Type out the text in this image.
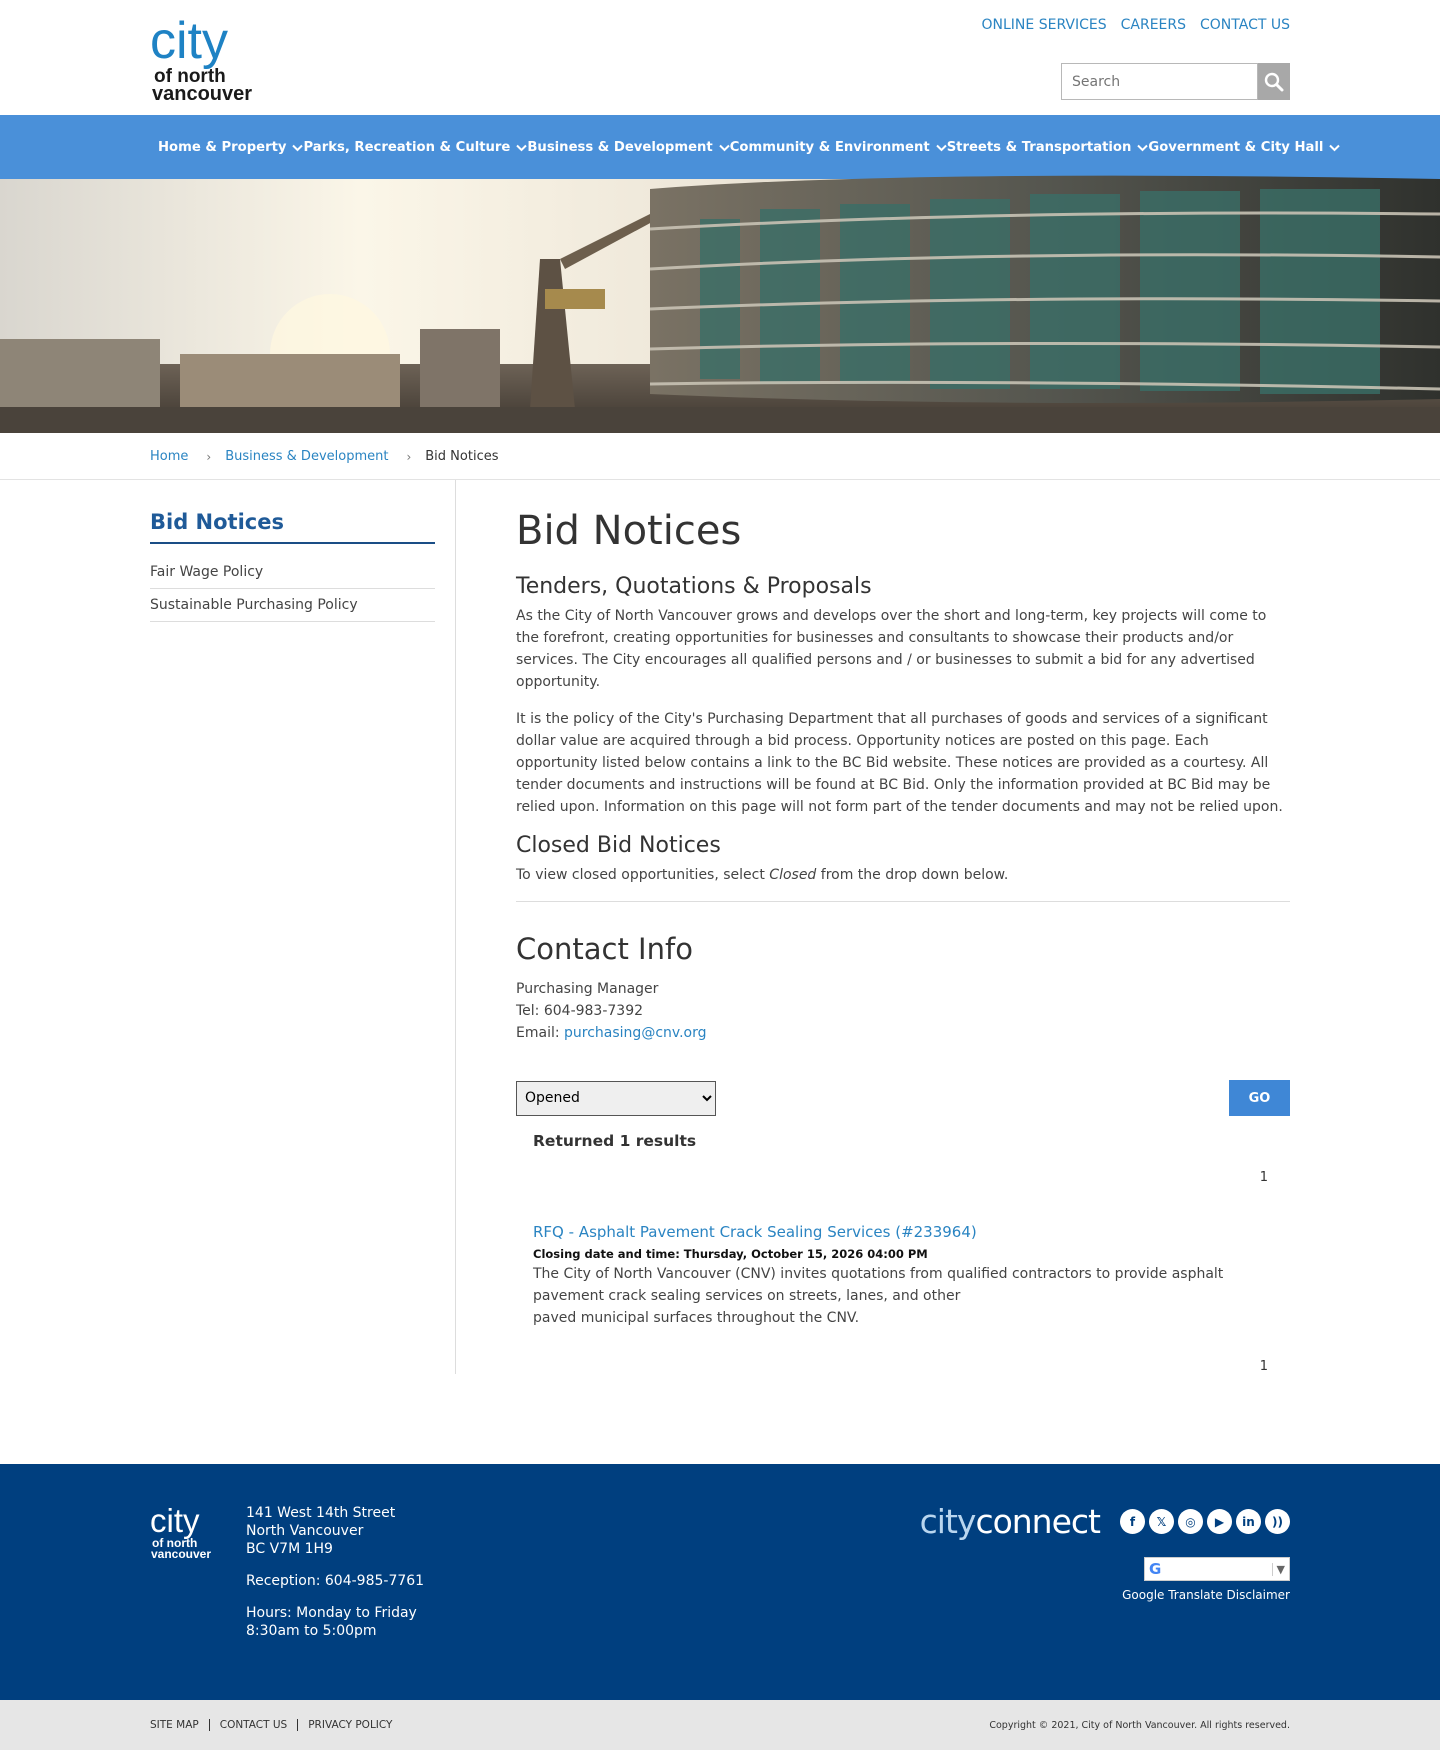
city
of north
vancouver
ONLINE SERVICES CAREERS CONTACT US
Search
Home & Property Parks, Recreation & Culture Business & Development Community & Environment Streets & Transportation Government & City Hall
Home › Business & Development › Bid Notices
Bid Notices
Fair Wage Policy
Sustainable Purchasing Policy
Bid Notices
Tenders, Quotations & Proposals

As the City of North Vancouver grows and develops over the short and long-term, key projects will come to the forefront, creating opportunities for businesses and consultants to showcase their products and/or services. The City encourages all qualified persons and / or businesses to submit a bid for any advertised opportunity.

It is the policy of the City's Purchasing Department that all purchases of goods and services of a significant dollar value are acquired through a bid process. Opportunity notices are posted on this page. Each opportunity listed below contains a link to the BC Bid website. These notices are provided as a courtesy. All tender documents and instructions will be found at BC Bid. Only the information provided at BC Bid may be relied upon. Information on this page will not form part of the tender documents and may not be relied upon.

Closed Bid Notices

To view closed opportunities, select Closed from the drop down below.

Contact Info
Purchasing Manager
Tel: 604-983-7392
Email: purchasing@cnv.org
Opened
GO
Returned 1 results
1
RFQ - Asphalt Pavement Crack Sealing Services (#233964)
Closing date and time: Thursday, October 15, 2026 04:00 PM

The City of North Vancouver (CNV) invites quotations from qualified contractors to provide asphalt pavement crack sealing services on streets, lanes, and other

paved municipal surfaces throughout the CNV.

1
city
of north
vancouver
141 West 14th Street
North Vancouver
BC V7M 1H9
Reception: 604-985-7761
Hours: Monday to Friday
8:30am to 5:00pm
cityconnect	f	𝕏	◎	▶	in	))
G	▼
Google Translate Disclaimer
SITE MAP	CONTACT US	PRIVACY POLICY	Copyright © 2021, City of North Vancouver. All rights reserved.
